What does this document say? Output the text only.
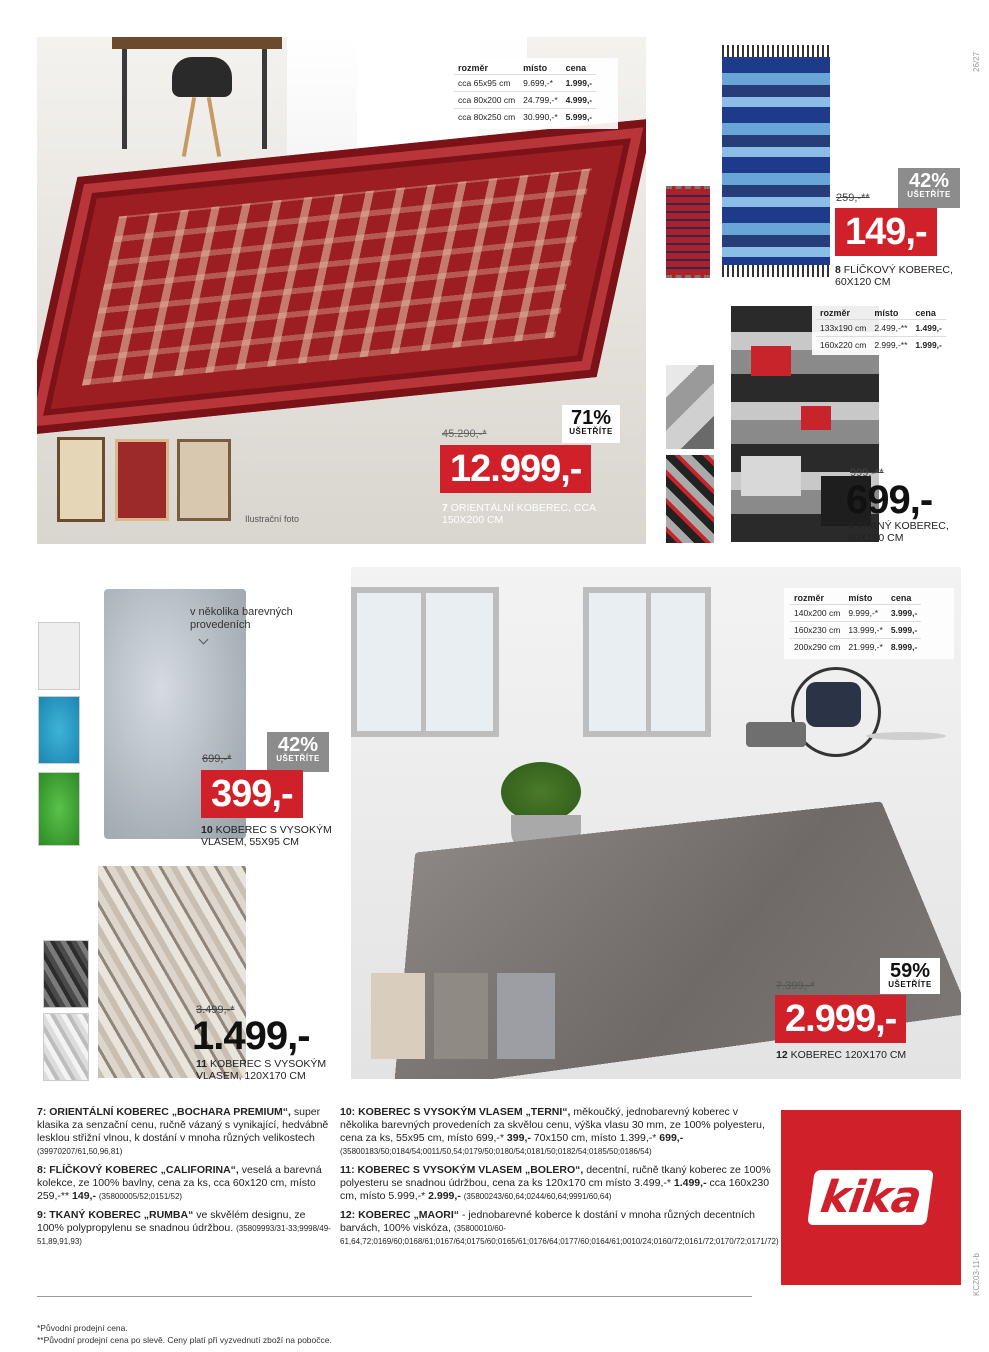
Ilustrační foto
rozměr	místo	cena
cca 65x95 cm	9.699,-*	1.999,-
cca 80x200 cm	24.799,-*	4.999,-
cca 80x250 cm	30.990,-*	5.999,-
45.290,-*
71%
UŠETŘÍTE
12.999,-
7 ORIENTÁLNÍ KOBEREC, CCA 150X200 CM
42%
UŠETŘÍTE
259,-**
149,-
8 FLÍČKOVÝ KOBEREC, 60X120 CM
rozměr	místo	cena
133x190 cm	2.499,-**	1.499,-
160x220 cm	2.999,-**	1.999,-
999,-**
699,-
9 TKANÝ KOBEREC, 80X150 CM
v několika barevných provedeních
699,-*
42%
UŠETŘÍTE
399,-
10 KOBEREC S VYSOKÝM VLASEM, 55X95 CM
3.499,-*
1.499,-
11 KOBEREC S VYSOKÝM VLASEM, 120X170 CM
rozměr	místo	cena
140x200 cm	9.999,-*	3.999,-
160x230 cm	13.999,-*	5.999,-
200x290 cm	21.999,-*	8.999,-
7.399,-*
59%
UŠETŘÍTE
2.999,-
12 KOBEREC 120X170 CM

7: ORIENTÁLNÍ KOBEREC „BOCHARA PREMIUM“, super klasika za senzační cenu, ručně vázaný s vynikající, hedvábně lesklou střižní vlnou, k dostání v mnoha různých velikostech (39970207/61,50,96,81)

8: FLÍČKOVÝ KOBEREC „CALIFORINA“, veselá a barevná kolekce, ze 100% bavlny, cena za ks, cca 60x120 cm, místo 259,-** 149,- (35800005/52;0151/52)

9: TKANÝ KOBEREC „RUMBA“ ve skvělém designu, ze 100% polypropylenu se snadnou údržbou. (35809993/31-33;9998/49-51,89,91,93)

10: KOBEREC S VYSOKÝM VLASEM „TERNI“, měkoučký, jednobarevný koberec v několika barevných provedeních za skvělou cenu, výška vlasu 30 mm, ze 100% polyesteru, cena za ks, 55x95 cm, místo 699,-* 399,- 70x150 cm, místo 1.399,-* 699,- (35800183/50;0184/54;0011/50,54;0179/50;0180/54;0181/50;0182/54;0185/50;0186/54)

11: KOBEREC S VYSOKÝM VLASEM „BOLERO“, decentní, ručně tkaný koberec ze 100% polyesteru se snadnou údržbou, cena za ks 120x170 cm místo 3.499,-* 1.499,- cca 160x230 cm, místo 5.999,-* 2.999,- (35800243/60,64;0244/60,64;9991/60,64)

12: KOBEREC „MAORI“ - jednobarevné koberce k dostání v mnoha různých decentních barvách, 100% viskóza, (35800010/60-61,64,72;0169/60;0168/61;0167/64;0175/60;0165/61;0176/64;0177/60;0164/61;0010/24;0160/72;0161/72;0170/72;0171/72)

kika
*Původní prodejní cena.
**Původní prodejní cena po slevě. Ceny platí při vyzvednutí zboží na pobočce.
26/27
KCZ03-11-b
